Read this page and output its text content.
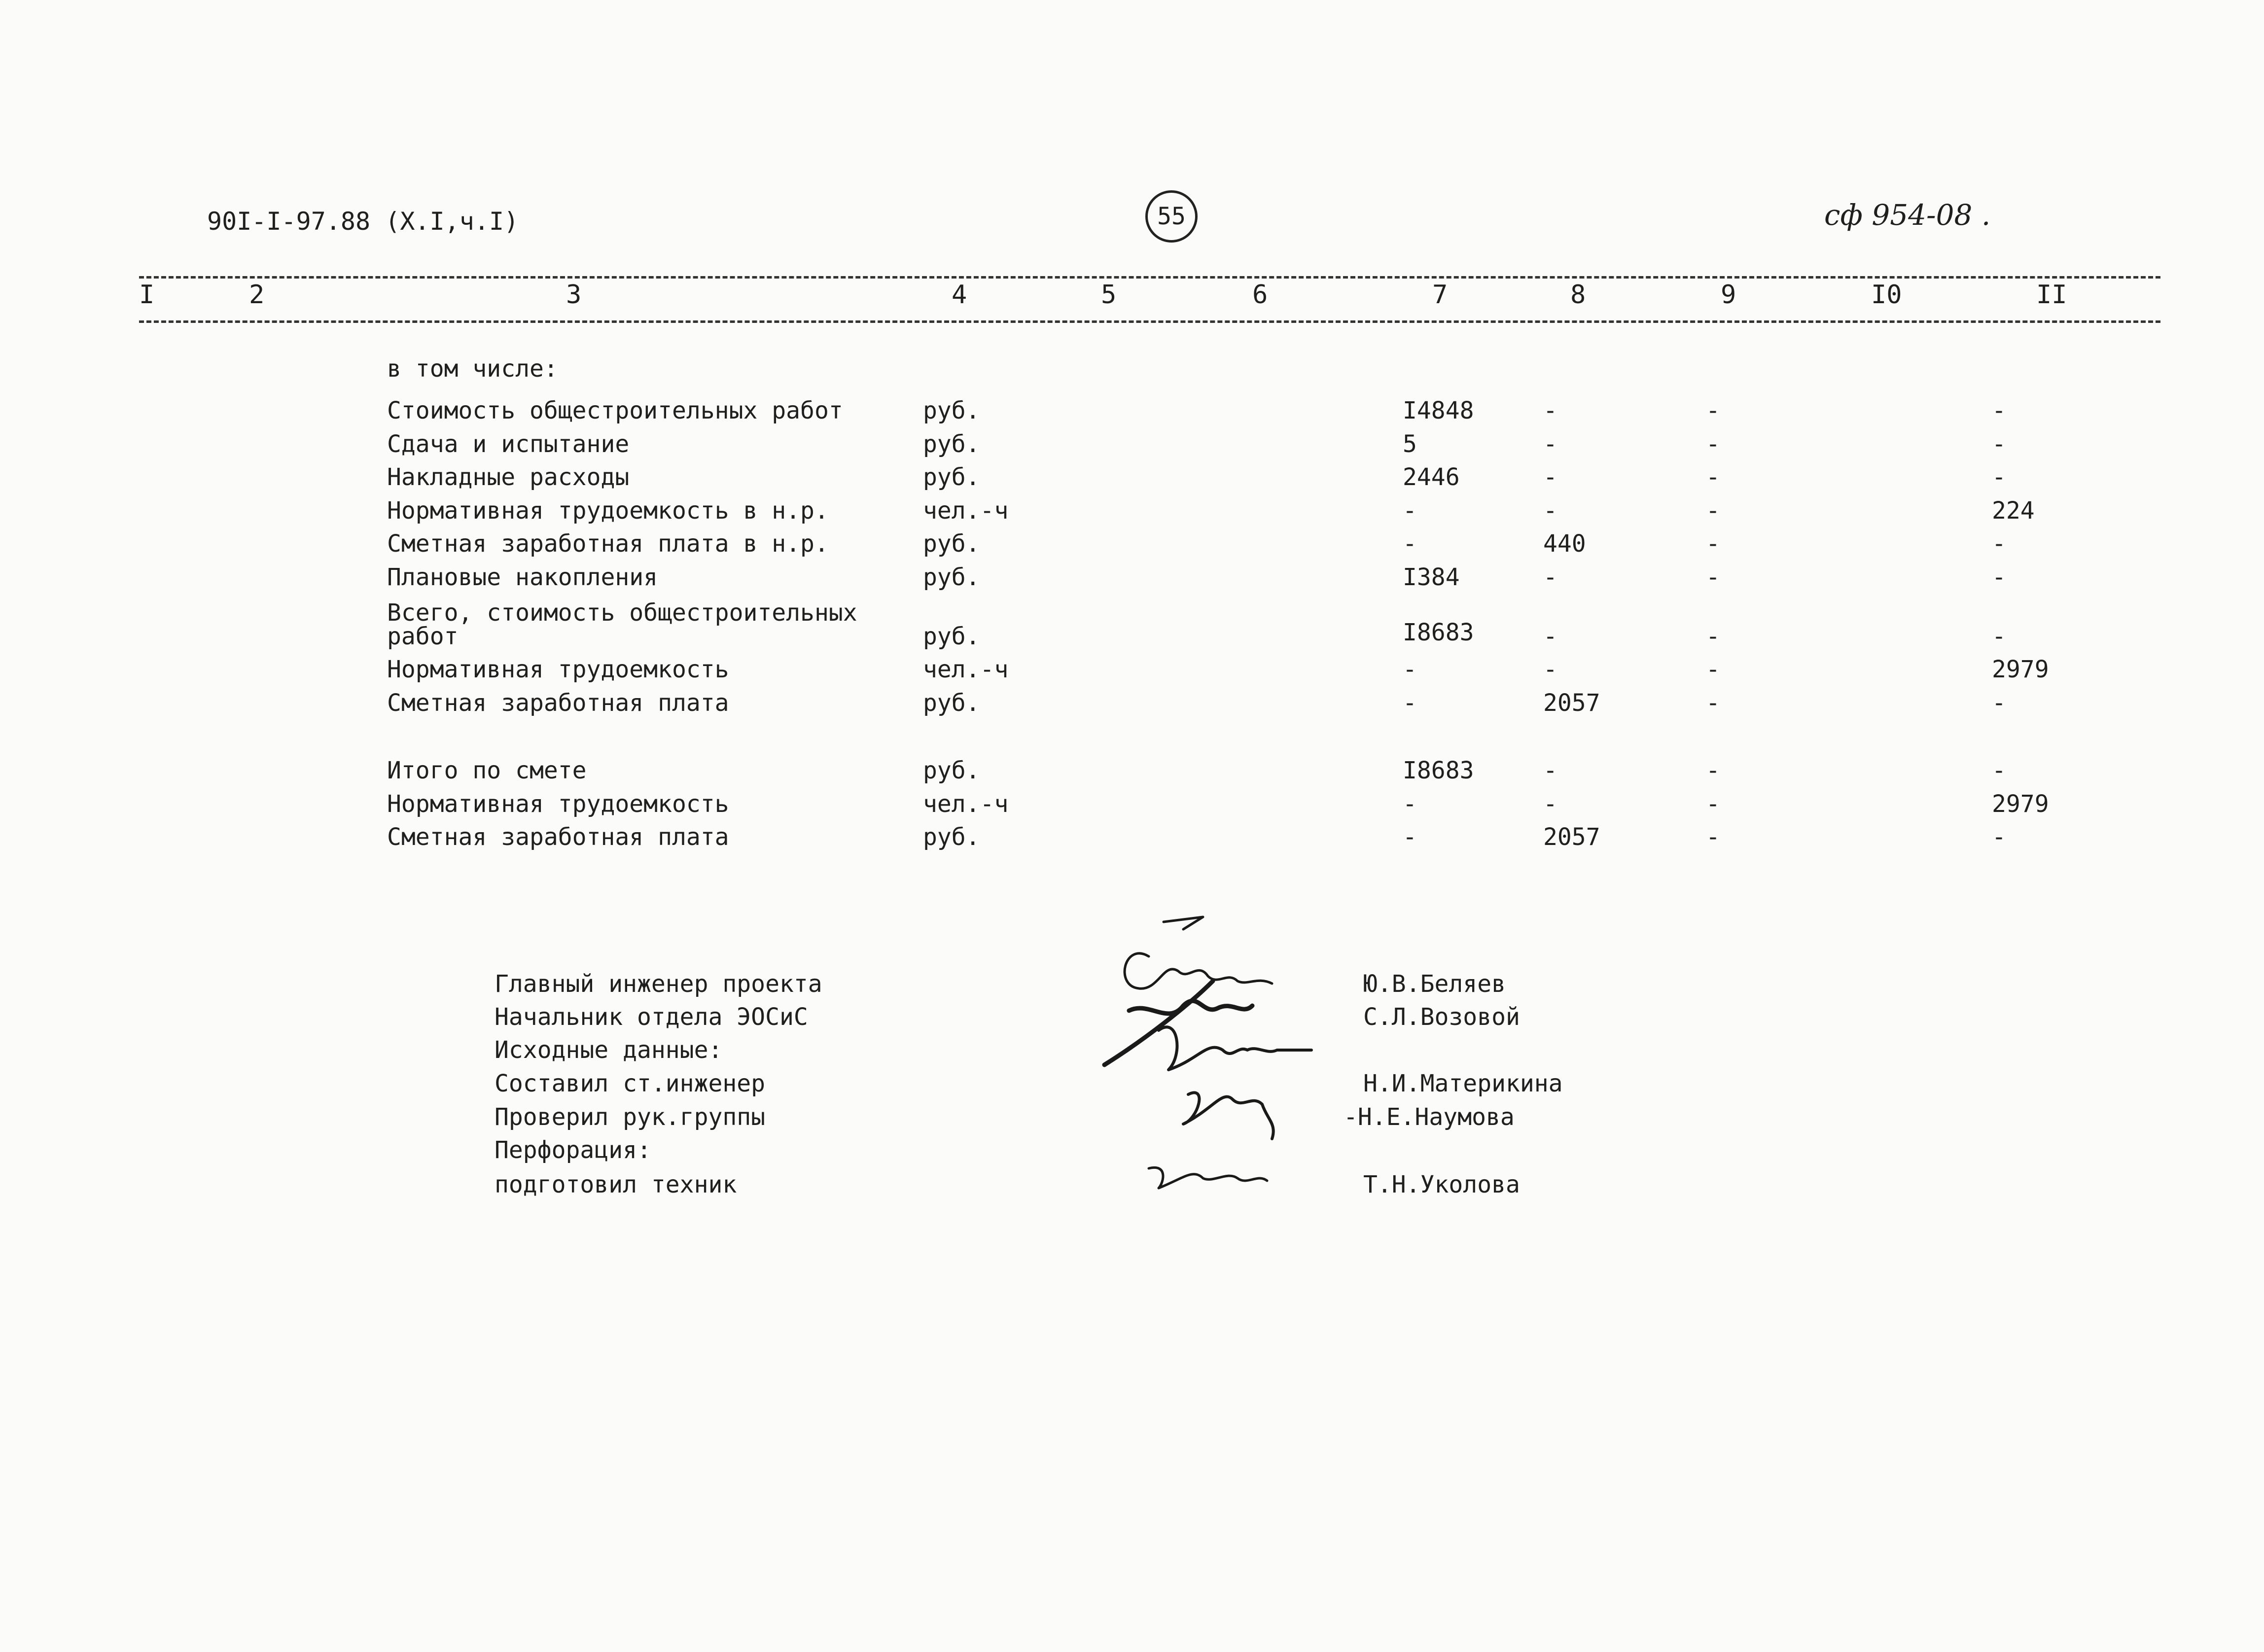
90I-I-97.88 (X.I,ч.I)	55	сф 954-08 .
I	2	3	4	5	6	7	8	9	I0	II
в том числе:
Стоимость общестроительных работ	руб.	I4848	-	-	-
Сдача и испытание	руб.	5	-	-	-
Накладные расходы	руб.	2446	-	-	-
Нормативная трудоемкость в н.р.	чел.-ч	-	-	-	224
Сметная заработная плата в н.р.	руб.	-	440	-	-
Плановые накопления	руб.	I384	-	-	-
Всего, стоимость общестроительных
работ	руб.	I8683	-	-	-
Нормативная трудоемкость	чел.-ч	-	-	-	2979
Сметная заработная плата	руб.	-	2057	-	-
Итого по смете	руб.	I8683	-	-	-
Нормативная трудоемкость	чел.-ч	-	-	-	2979
Сметная заработная плата	руб.	-	2057	-	-
Главный инженер проекта	Ю.В.Беляев
Начальник отдела ЭОСиС	С.Л.Возовой
Исходные данные:
Составил ст.инженер	Н.И.Материкина
Проверил рук.группы	-Н.Е.Наумова
Перфорация:
подготовил техник	Т.Н.Уколова
